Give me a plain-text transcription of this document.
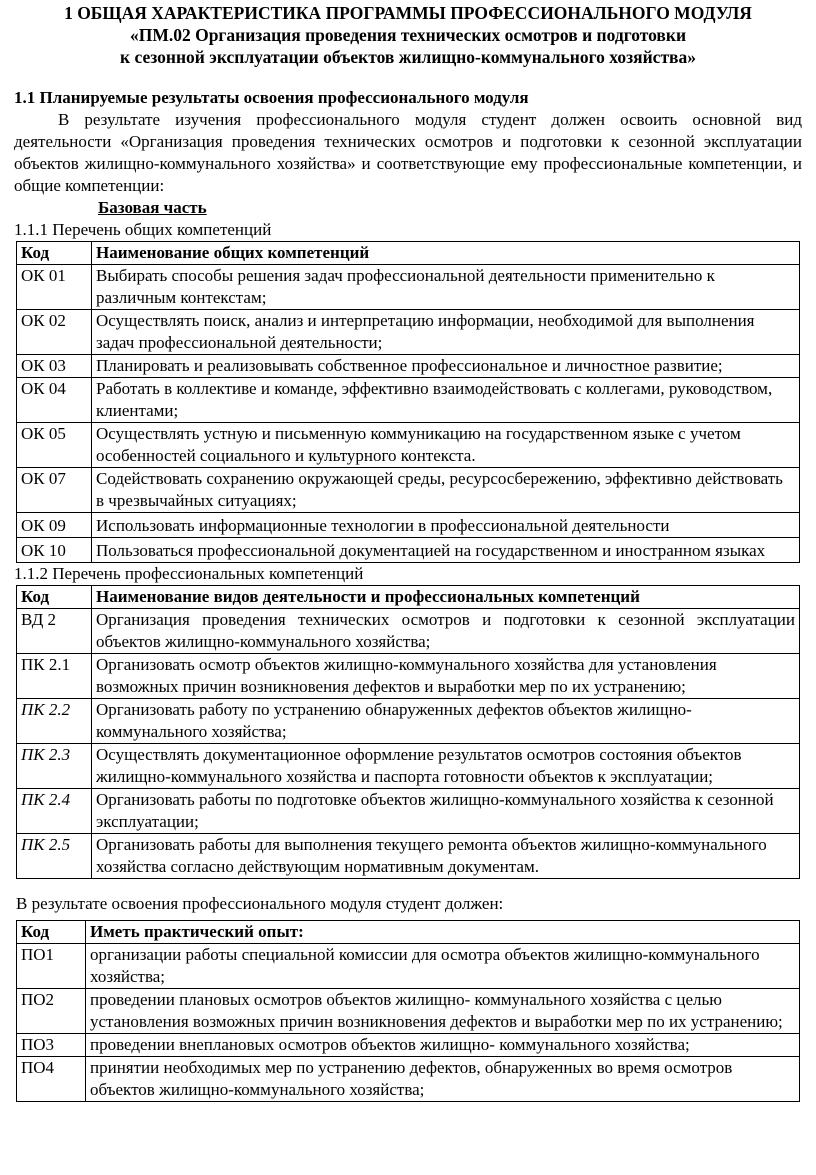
1 ОБЩАЯ ХАРАКТЕРИСТИКА ПРОГРАММЫ ПРОФЕССИОНАЛЬНОГО МОДУЛЯ
«ПМ.02 Организация проведения технических осмотров и подготовки
к сезонной эксплуатации объектов жилищно-коммунального хозяйства»

1.1 Планируемые результаты освоения профессионального модуля

В результате изучения профессионального модуля студент должен освоить основной вид деятельности «Организация проведения технических осмотров и подготовки к сезонной эксплуатации объектов жилищно-коммунального хозяйства» и соответствующие ему профессиональные компетенции, и общие компетенции:

Базовая часть

1.1.1 Перечень общих компетенций

Код	Наименование общих компетенций
ОК 01	Выбирать способы решения задач профессиональной деятельности применительно к различным контекстам;
ОК 02	Осуществлять поиск, анализ и интерпретацию информации, необходимой для выполнения задач профессиональной деятельности;
ОК 03	Планировать и реализовывать собственное профессиональное и личностное развитие;
ОК 04	Работать в коллективе и команде, эффективно взаимодействовать с коллегами, руководством, клиентами;
ОК 05	Осуществлять устную и письменную коммуникацию на государственном языке с учетом особенностей социального и культурного контекста.
ОК 07	Содействовать сохранению окружающей среды, ресурсосбережению, эффективно действовать в чрезвычайных ситуациях;
ОК 09	Использовать информационные технологии в профессиональной деятельности
ОК 10	Пользоваться профессиональной документацией на государственном и иностранном языках

1.1.2 Перечень профессиональных компетенций

Код	Наименование видов деятельности и профессиональных компетенций
ВД 2	Организация проведения технических осмотров и подготовки к сезонной эксплуатации объектов жилищно-коммунального хозяйства;
ПК 2.1	Организовать осмотр объектов жилищно-коммунального хозяйства для установления возможных причин возникновения дефектов и выработки мер по их устранению;
ПК 2.2	Организовать работу по устранению обнаруженных дефектов объектов жилищно-коммунального хозяйства;
ПК 2.3	Осуществлять документационное оформление результатов осмотров состояния объектов жилищно-коммунального хозяйства и паспорта готовности объектов к эксплуатации;
ПК 2.4	Организовать работы по подготовке объектов жилищно-коммунального хозяйства к сезонной эксплуатации;
ПК 2.5	Организовать работы для выполнения текущего ремонта объектов жилищно-коммунального хозяйства согласно действующим нормативным документам.

В результате освоения профессионального модуля студент должен:

Код	Иметь практический опыт:
ПО1	организации работы специальной комиссии для осмотра объектов жилищно-коммунального хозяйства;
ПО2	проведении плановых осмотров объектов жилищно- коммунального хозяйства с целью установления возможных причин возникновения дефектов и выработки мер по их устранению;
ПО3	проведении внеплановых осмотров объектов жилищно- коммунального хозяйства;
ПО4	принятии необходимых мер по устранению дефектов, обнаруженных во время осмотров объектов жилищно-коммунального хозяйства;
